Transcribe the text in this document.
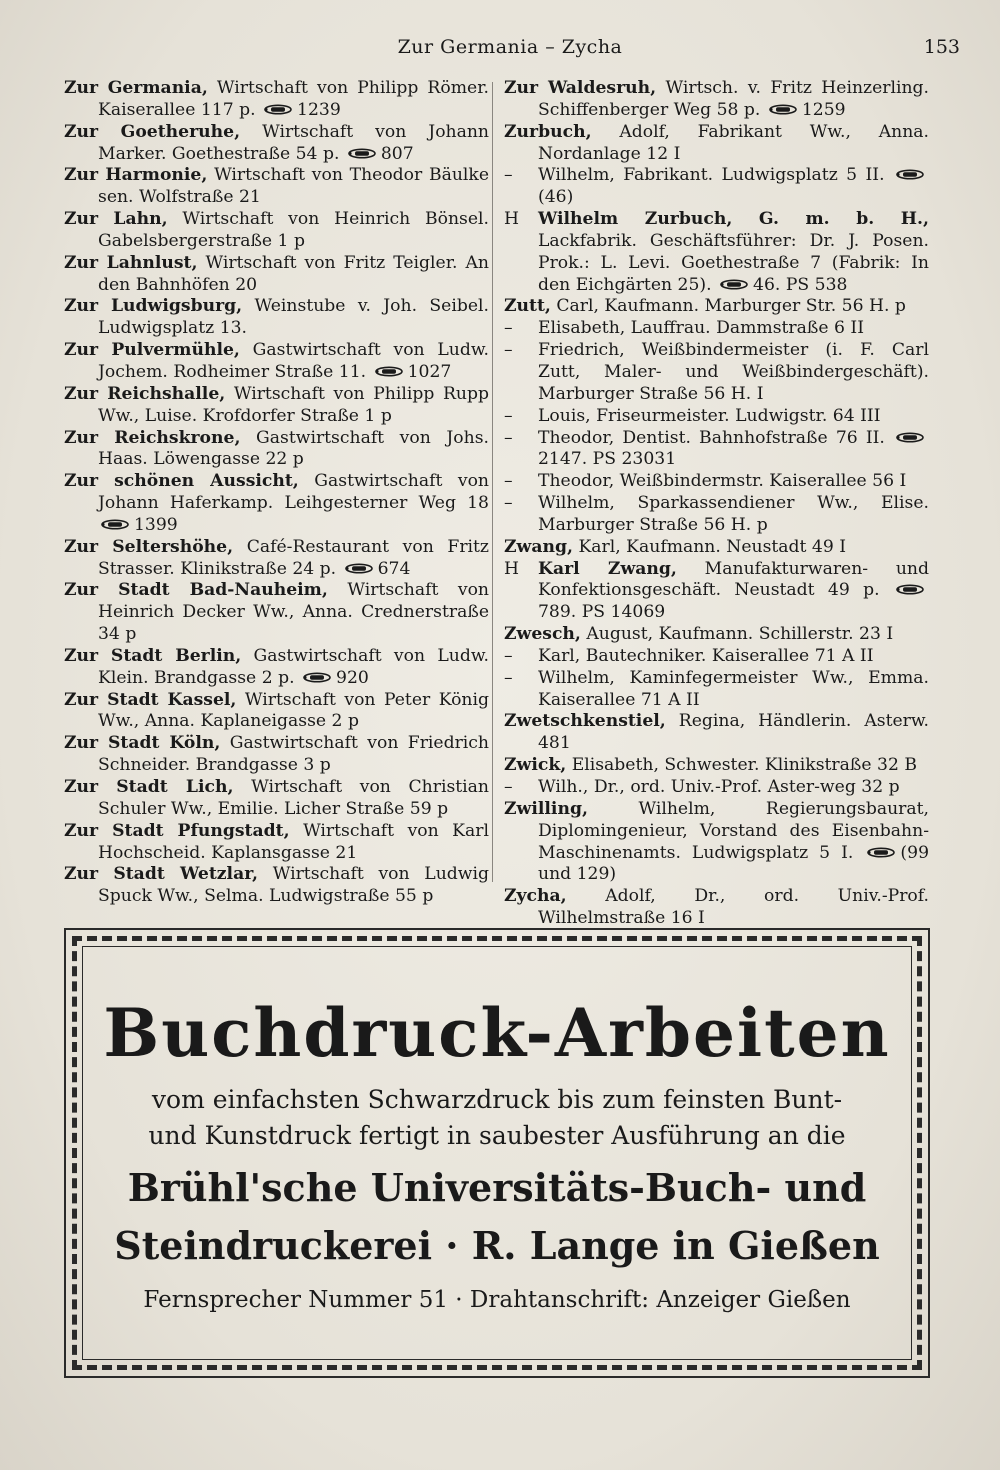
Zur Germania – Zycha	153

Zur Germania, Wirtschaft von Philipp Römer. Kaiserallee 117 p. 1239

Zur Goetheruhe, Wirtschaft von Johann Marker. Goethestraße 54 p. 807

Zur Harmonie, Wirtschaft von Theodor Bäulke sen. Wolfstraße 21

Zur Lahn, Wirtschaft von Heinrich Bönsel. Gabelsbergerstraße 1 p

Zur Lahnlust, Wirtschaft von Fritz Teigler. An den Bahnhöfen 20

Zur Ludwigsburg, Weinstube v. Joh. Seibel. Ludwigsplatz 13.

Zur Pulvermühle, Gastwirtschaft von Ludw. Jochem. Rodheimer Straße 11. 1027

Zur Reichshalle, Wirtschaft von Philipp Rupp Ww., Luise. Krofdorfer Straße 1 p

Zur Reichskrone, Gastwirtschaft von Johs. Haas. Löwengasse 22 p

Zur schönen Aussicht, Gastwirtschaft von Johann Haferkamp. Leihgesterner Weg 18 1399

Zur Seltershöhe, Café-Restaurant von Fritz Strasser. Klinikstraße 24 p. 674

Zur Stadt Bad-Nauheim, Wirtschaft von Heinrich Decker Ww., Anna. Crednerstraße 34 p

Zur Stadt Berlin, Gastwirtschaft von Ludw. Klein. Brandgasse 2 p. 920

Zur Stadt Kassel, Wirtschaft von Peter König Ww., Anna. Kaplaneigasse 2 p

Zur Stadt Köln, Gastwirtschaft von Friedrich Schneider. Brandgasse 3 p

Zur Stadt Lich, Wirtschaft von Christian Schuler Ww., Emilie. Licher Straße 59 p

Zur Stadt Pfungstadt, Wirtschaft von Karl Hochscheid. Kaplansgasse 21

Zur Stadt Wetzlar, Wirtschaft von Ludwig Spuck Ww., Selma. Ludwigstraße 55 p

Zur Waldesruh, Wirtsch. v. Fritz Heinzerling. Schiffenberger Weg 58 p. 1259

Zurbuch, Adolf, Fabrikant Ww., Anna. Nordanlage 12 I

– Wilhelm, Fabrikant. Ludwigsplatz 5 II. (46)

H Wilhelm Zurbuch, G. m. b. H., Lackfabrik. Geschäftsführer: Dr. J. Posen. Prok.: L. Levi. Goethestraße 7 (Fabrik: In den Eichgärten 25). 46. PS 538

Zutt, Carl, Kaufmann. Marburger Str. 56 H. p

– Elisabeth, Lauffrau. Dammstraße 6 II

– Friedrich, Weißbindermeister (i. F. Carl Zutt, Maler- und Weißbindergeschäft). Marburger Straße 56 H. I

– Louis, Friseurmeister. Ludwigstr. 64 III

– Theodor, Dentist. Bahnhofstraße 76 II. 2147. PS 23031

– Theodor, Weißbindermstr. Kaiserallee 56 I

– Wilhelm, Sparkassendiener Ww., Elise. Marburger Straße 56 H. p

Zwang, Karl, Kaufmann. Neustadt 49 I

H Karl Zwang, Manufakturwaren- und Konfektionsgeschäft. Neustadt 49 p. 789. PS 14069

Zwesch, August, Kaufmann. Schillerstr. 23 I

– Karl, Bautechniker. Kaiserallee 71 A II

– Wilhelm, Kaminfegermeister Ww., Emma. Kaiserallee 71 A II

Zwetschkenstiel, Regina, Händlerin. Asterw. 481

Zwick, Elisabeth, Schwester. Klinikstraße 32 B

– Wilh., Dr., ord. Univ.-Prof. Aster-weg 32 p

Zwilling, Wilhelm, Regierungsbaurat, Diplomingenieur, Vorstand des Eisenbahn-Maschinenamts. Ludwigsplatz 5 I.	(99 und 129)

Zycha, Adolf, Dr., ord. Univ.-Prof. Wilhelmstraße 16 I

Buchdruck-Arbeiten

vom einfachsten Schwarzdruck bis zum feinsten Bunt-

und Kunstdruck fertigt in saubester Ausführung an die

Brühl'sche Universitäts-Buch- und

Steindruckerei · R. Lange in Gießen

Fernsprecher Nummer 51 · Drahtanschrift: Anzeiger Gießen
